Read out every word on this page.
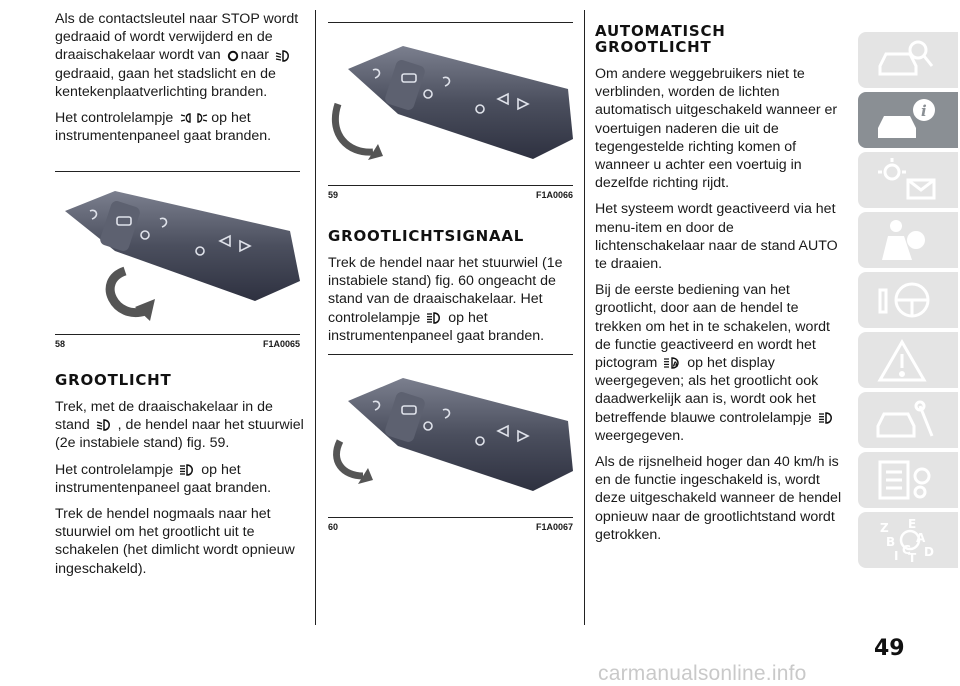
Als de contactsleutel naar STOP wordt gedraaid of wordt verwijderd en de draaischakelaar wordt van naar
gedraaid, gaan het stadslicht en de kentekenplaatverlichting branden.

Het controlelampje	op het instrumentenpaneel gaat branden.

58	F1A0065
GROOTLICHT

Trek, met de draaischakelaar in de stand , de hendel naar het stuurwiel (2e instabiele stand) fig. 59.

Het controlelampje op het instrumentenpaneel gaat branden.

Trek de hendel nogmaals naar het stuurwiel om het grootlicht uit te schakelen (het dimlicht wordt opnieuw ingeschakeld).

59	F1A0066
GROOTLICHTSIGNAAL

Trek de hendel naar het stuurwiel (1e instabiele stand) fig. 60 ongeacht de stand van de draaischakelaar. Het controlelampje op het instrumentenpaneel gaat branden.

60	F1A0067
AUTOMATISCH
GROOTLICHT

Om andere weggebruikers niet te verblinden, worden de lichten automatisch uitgeschakeld wanneer er voertuigen naderen die uit de tegengestelde richting komen of wanneer u achter een voertuig in dezelfde richting rijdt.

Het systeem wordt geactiveerd via het menu-item en door de lichtenschakelaar naar de stand AUTO te draaien.

Bij de eerste bediening van het grootlicht, door aan de hendel te trekken om het in te schakelen, wordt de functie geactiveerd en wordt het pictogram A op het display weergegeven; als het grootlicht ook daadwerkelijk aan is, wordt ook het betreffende blauwe controlelampje
weergegeven.

Als de rijsnelheid hoger dan 40 km/h is en de functie ingeschakeld is, wordt deze uitgeschakeld wanneer de hendel opnieuw naar de grootlichtstand wordt getrokken.

i
Z E
B A
I C D
T
49
carmanualsonline.info
